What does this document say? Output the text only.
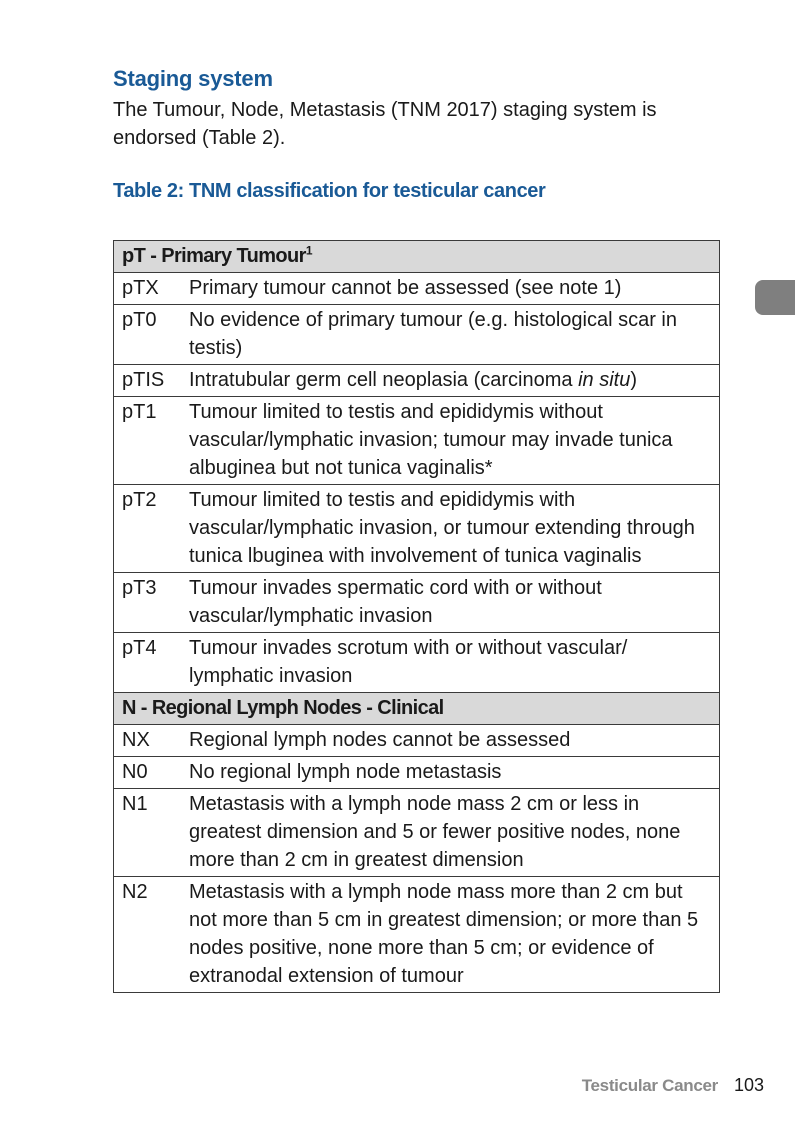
Staging system
The Tumour, Node, Metastasis (TNM 2017) staging system is endorsed (Table 2).
Table 2: TNM classification for testicular cancer
pT - Primary Tumour$^1$
pTX	Primary tumour cannot be assessed (see note 1)
pT0	No evidence of primary tumour (e.g. histological scar in testis)
pTIS	Intratubular germ cell neoplasia (carcinoma in situ)
pT1	Tumour limited to testis and epididymis without vascular/lymphatic invasion; tumour may invade tunica albuginea but not tunica vaginalis*
pT2	Tumour limited to testis and epididymis with vascular/lymphatic invasion, or tumour extending through tunica lbuginea with involvement of tunica vaginalis
pT3	Tumour invades spermatic cord with or without vascular/lymphatic invasion
pT4	Tumour invades scrotum with or without vascular/ lymphatic invasion
N - Regional Lymph Nodes - Clinical	
NX	Regional lymph nodes cannot be assessed
N0	No regional lymph node metastasis
N1	Metastasis with a lymph node mass 2 cm or less in greatest dimension and 5 or fewer positive nodes, none more than 2 cm in greatest dimension
N2	Metastasis with a lymph node mass more than 2 cm but not more than 5 cm in greatest dimension; or more than 5 nodes positive, none more than 5 cm; or evidence of extranodal extension of tumour
Testicular Cancer 103
